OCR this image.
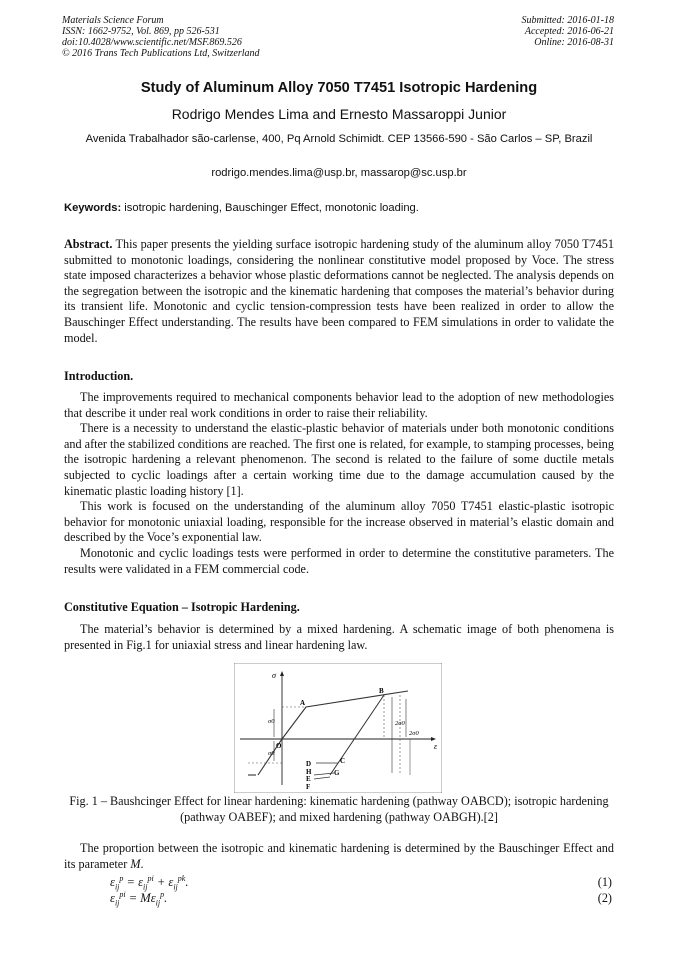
Materials Science Forum
ISSN: 1662-9752, Vol. 869, pp 526-531
doi:10.4028/www.scientific.net/MSF.869.526
© 2016 Trans Tech Publications Ltd, Switzerland
Submitted: 2016-01-18
Accepted: 2016-06-21
Online: 2016-08-31
Study of Aluminum Alloy 7050 T7451 Isotropic Hardening
Rodrigo Mendes Lima and Ernesto Massaroppi Junior
Avenida Trabalhador são-carlense, 400, Pq Arnold Schimidt. CEP 13566-590 - São Carlos – SP, Brazil
rodrigo.mendes.lima@usp.br, massarop@sc.usp.br
Keywords: isotropic hardening, Bauschinger Effect, monotonic loading.
Abstract. This paper presents the yielding surface isotropic hardening study of the aluminum alloy 7050 T7451 submitted to monotonic loadings, considering the nonlinear constitutive model proposed by Voce. The stress state imposed characterizes a behavior whose plastic deformations cannot be neglected. The analysis depends on the segregation between the isotropic and the kinematic hardening that composes the material’s behavior during its transient life. Monotonic and cyclic tension-compression tests have been realized in order to allow the Bauschinger Effect understanding. The results have been compared to FEM simulations in order to validate the model.
Introduction.

The improvements required to mechanical components behavior lead to the adoption of new methodologies that describe it under real work conditions in order to raise their reliability.

There is a necessity to understand the elastic-plastic behavior of materials under both monotonic conditions and after the stabilized conditions are reached. The first one is related, for example, to stamping processes, being the isotropic hardening a relevant phenomenon. The second is related to the failure of some ductile metals subjected to cyclic loadings after a certain working time due to the damage accumulation caused by the kinematic plastic loading history [1].

This work is focused on the understanding of the aluminum alloy 7050 T7451 elastic-plastic isotropic behavior for monotonic uniaxial loading, responsible for the increase observed in material’s elastic domain and described by the Voce’s exponential law.

Monotonic and cyclic loadings tests were performed in order to determine the constitutive parameters. The results were validated in a FEM commercial code.

Constitutive Equation – Isotropic Hardening.

The material’s behavior is determined by a mixed hardening. A schematic image of both phenomena is presented in Fig.1 for uniaxial stress and linear hardening law.

σ
ε
σ0
σ0
2σ0
2σ0
A
B
C
D
E
F
G
H
O
Fig. 1 – Baushcinger Effect for linear hardening: kinematic hardening (pathway OABCD); isotropic hardening (pathway OABEF); and mixed hardening (pathway OABGH).[2]

The proportion between the isotropic and kinematic hardening is determined by the Bauschinger Effect and its parameter M.

$\varepsilon_{ij}^p = \varepsilon_{ij}^{pi} + \varepsilon_{ij}^{pk}$.	(1)
$\varepsilon_{ij}^{pi} = M\varepsilon_{ij}^p$.	(2)
